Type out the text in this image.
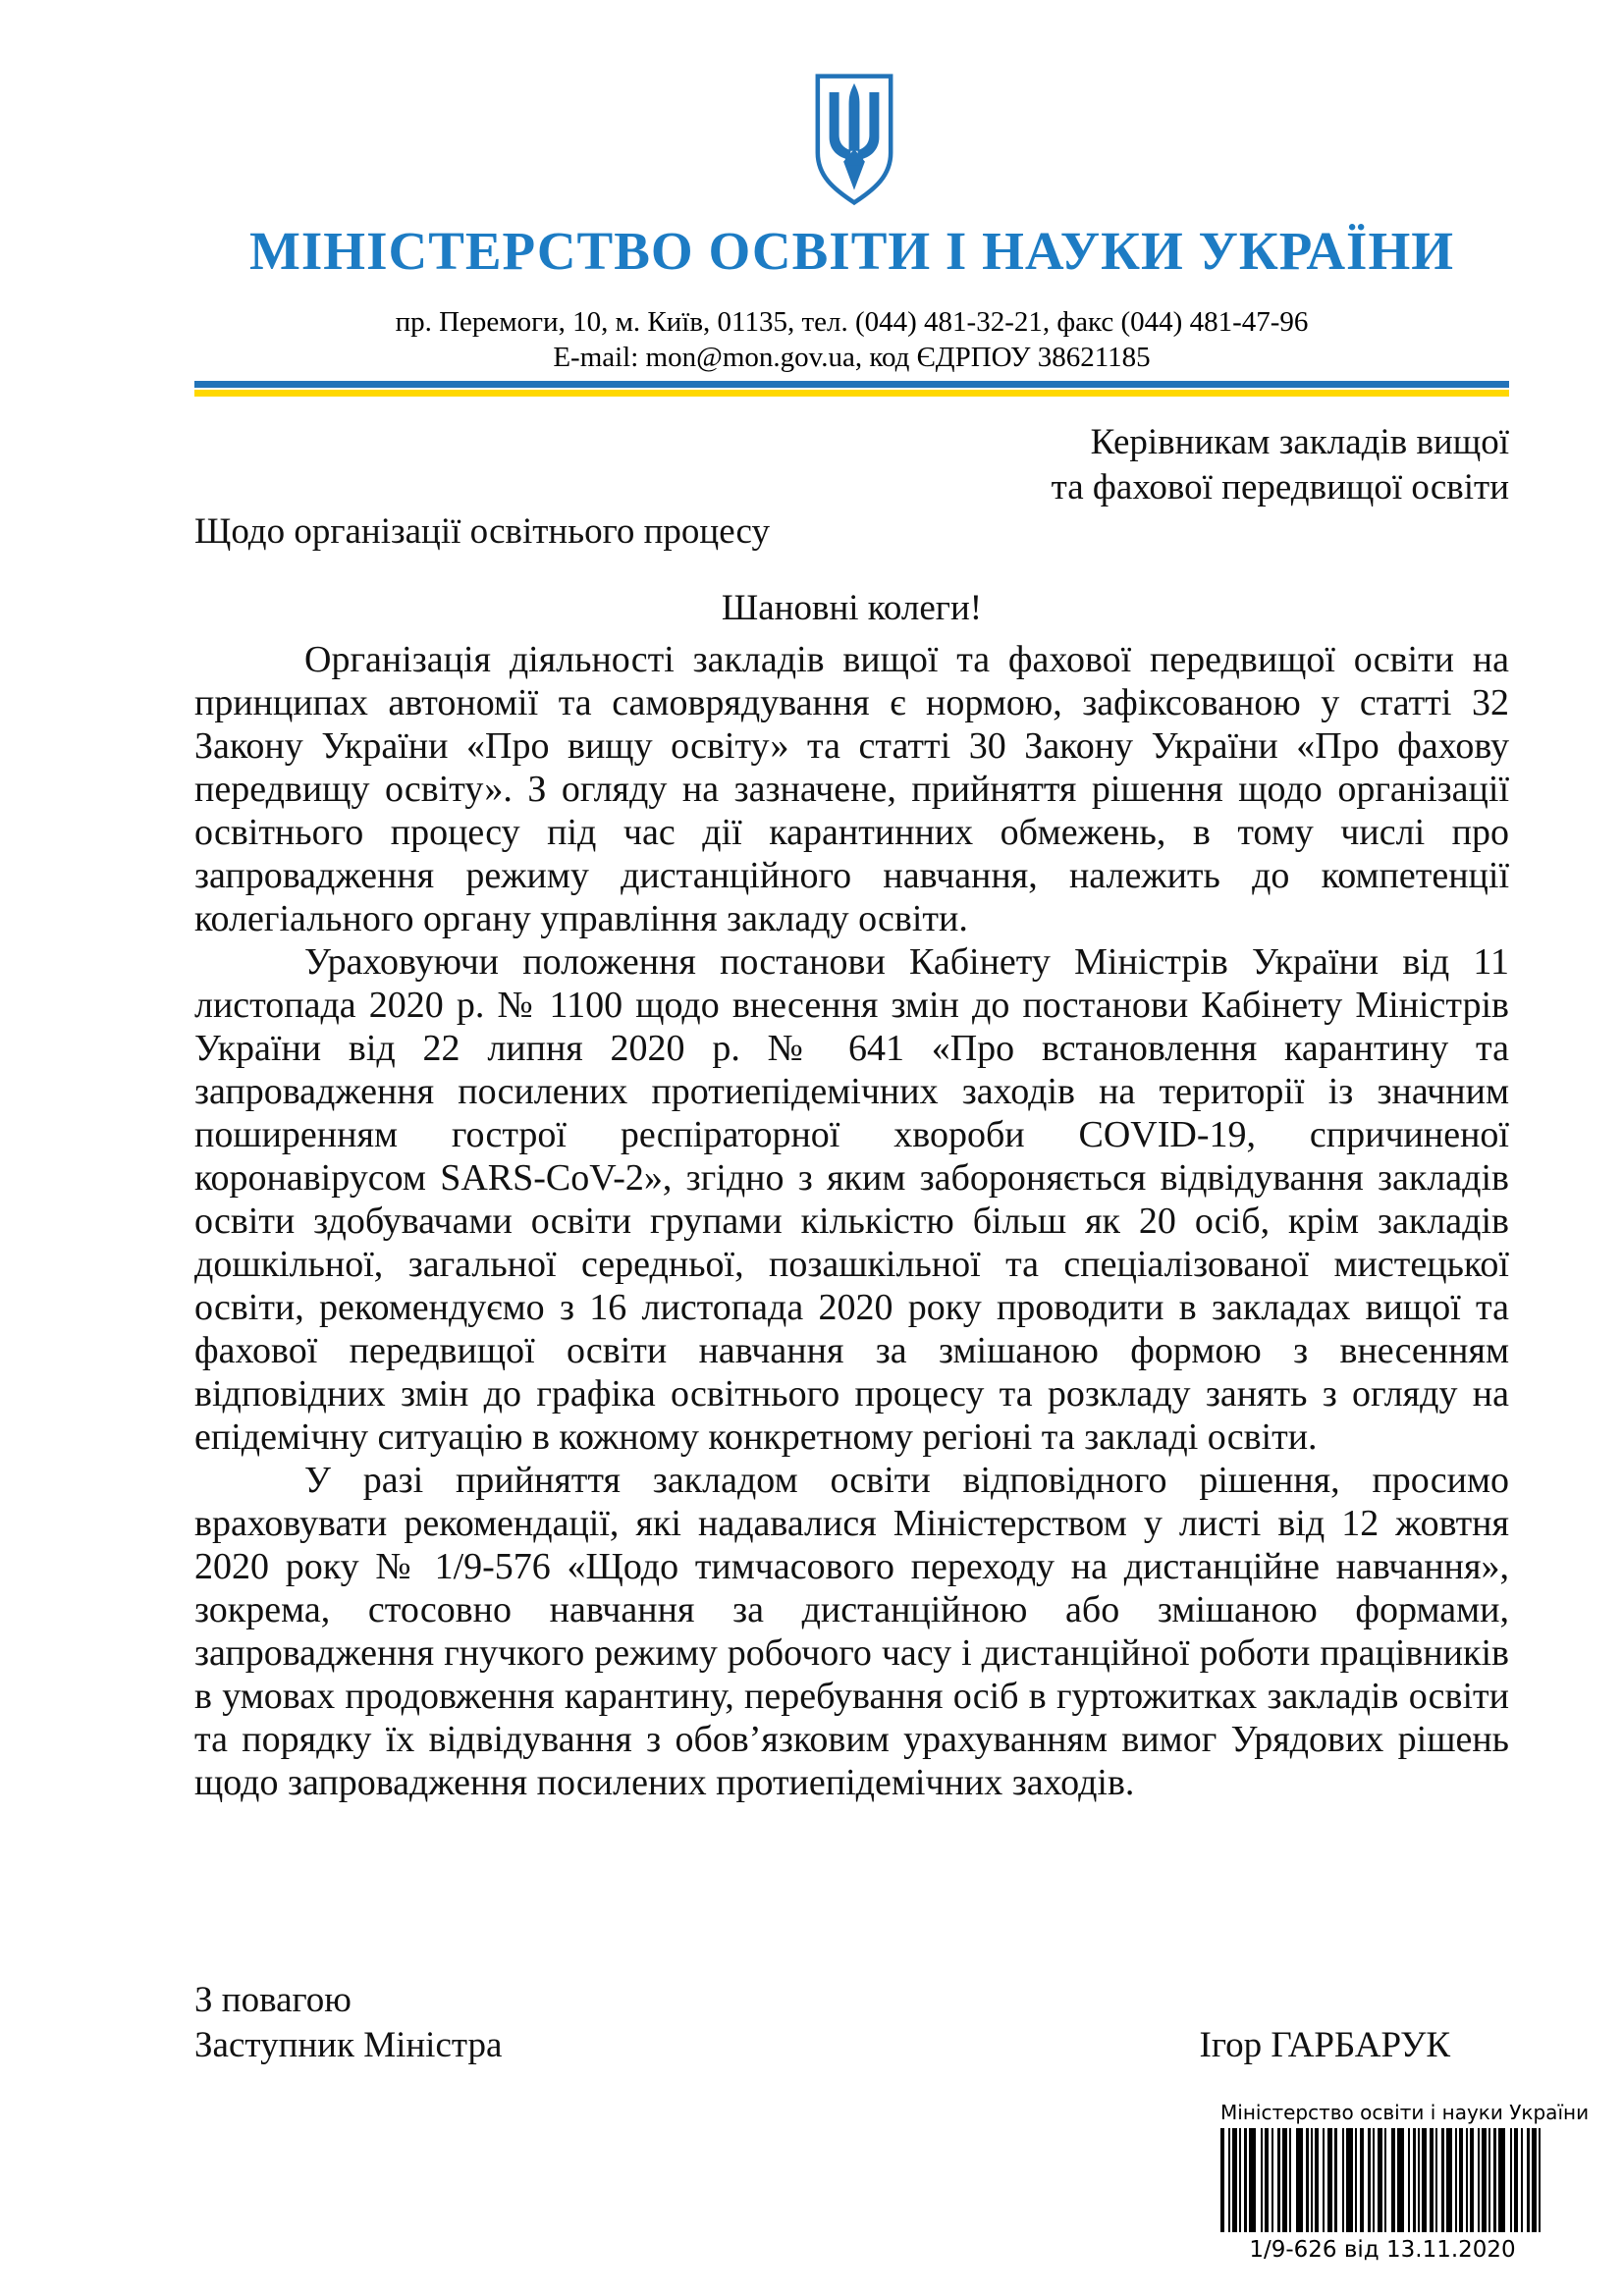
МІНІСТЕРСТВО ОСВІТИ І НАУКИ УКРАЇНИ
пр. Перемоги, 10, м. Київ, 01135, тел. (044) 481-32-21, факс (044) 481-47-96
E-mail: mon@mon.gov.ua, код ЄДРПОУ 38621185
Керівникам закладів вищої
та фахової передвищої освіти
Щодо організації освітнього процесу
Шановні колеги!

Організація діяльності закладів вищої та фахової передвищої освіти на принципах автономії та самоврядування є нормою, зафіксованою у статті 32 Закону України «Про вищу освіту» та статті 30 Закону України «Про фахову передвищу освіту». З огляду на зазначене, прийняття рішення щодо організації освітнього процесу під час дії карантинних обмежень, в тому числі про запровадження режиму дистанційного навчання, належить до компетенції колегіального органу управління закладу освіти.

Ураховуючи положення постанови Кабінету Міністрів України від 11 листопада 2020 р. № 1100 щодо внесення змін до постанови Кабінету Міністрів України від 22 липня 2020 р. № 641 «Про встановлення карантину та запровадження посилених протиепідемічних заходів на території із значним поширенням гострої респіраторної хвороби COVID-19, спричиненої коронавірусом SARS-CoV-2», згідно з яким забороняється відвідування закладів освіти здобувачами освіти групами кількістю більш як 20 осіб, крім закладів дошкільної, загальної середньої, позашкільної та спеціалізованої мистецької освіти, рекомендуємо з 16 листопада 2020 року проводити в закладах вищої та фахової передвищої освіти навчання за змішаною формою з внесенням відповідних змін до графіка освітнього процесу та розкладу занять з огляду на епідемічну ситуацію в кожному конкретному регіоні та закладі освіти.

У разі прийняття закладом освіти відповідного рішення, просимо враховувати рекомендації, які надавалися Міністерством у листі від 12 жовтня 2020 року № 1/9-576 «Щодо тимчасового переходу на дистанційне навчання», зокрема, стосовно навчання за дистанційною або змішаною формами, запровадження гнучкого режиму робочого часу і дистанційної роботи працівників в умовах продовження карантину, перебування осіб в гуртожитках закладів освіти та порядку їх відвідування з обов’язковим урахуванням вимог Урядових рішень щодо запровадження посилених протиепідемічних заходів.

З повагою
Заступник Міністра	Ігор ГАРБАРУК
Міністерство освіти і науки України
1/9-626 від 13.11.2020
